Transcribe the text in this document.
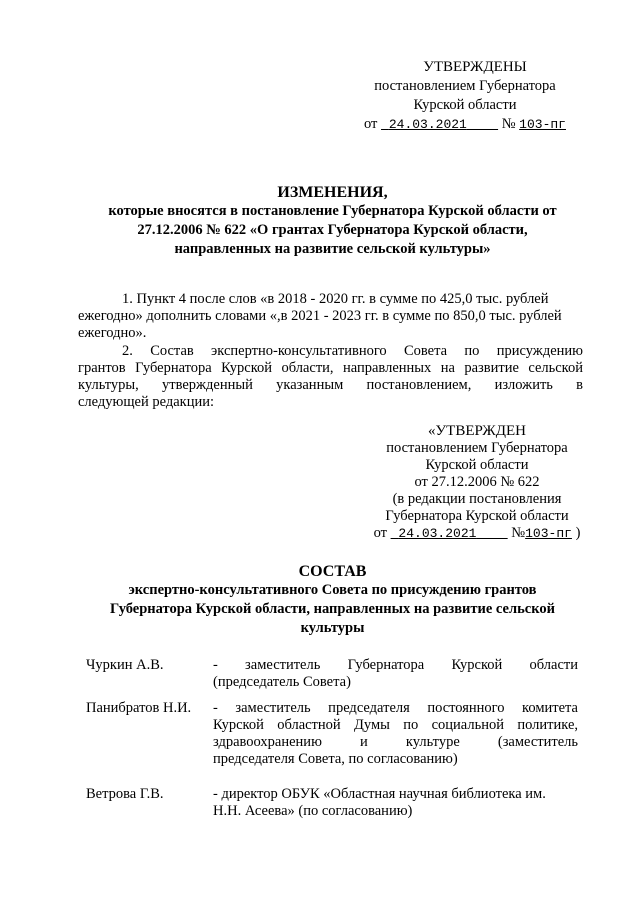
УТВЕРЖДЕНЫ
постановлением Губернатора
Курской области
от 24.03.2021 № 103-пг
ИЗМЕНЕНИЯ,
которые вносятся в постановление Губернатора Курской области от
27.12.2006 № 622 «О грантах Губернатора Курской области,
направленных на развитие сельской культуры»
1. Пункт 4 после слов «в 2018 - 2020 гг. в сумме по 425,0 тыс. рублей
ежегодно» дополнить словами «,в 2021 - 2023 гг. в сумме по 850,0 тыс. рублей
ежегодно».
2. Состав экспертно-консультативного Совета по присуждению
грантов Губернатора Курской области, направленных на развитие сельской
культуры, утвержденный указанным постановлением, изложить в
следующей редакции:
«УТВЕРЖДЕН
постановлением Губернатора
Курской области
от 27.12.2006 № 622
(в редакции постановления
Губернатора Курской области
от 24.03.2021 №103-пг )
СОСТАВ
экспертно-консультативного Совета по присуждению грантов
Губернатора Курской области, направленных на развитие сельской
культуры
Чуркин А.В.	- заместитель Губернатора Курской области
(председатель Совета)
Панибратов Н.И.	- заместитель председателя постоянного комитета
Курской областной Думы по социальной политике,
здравоохранению и культуре (заместитель
председателя Совета, по согласованию)
Ветрова Г.В.	- директор ОБУК «Областная научная библиотека им.
Н.Н. Асеева» (по согласованию)
